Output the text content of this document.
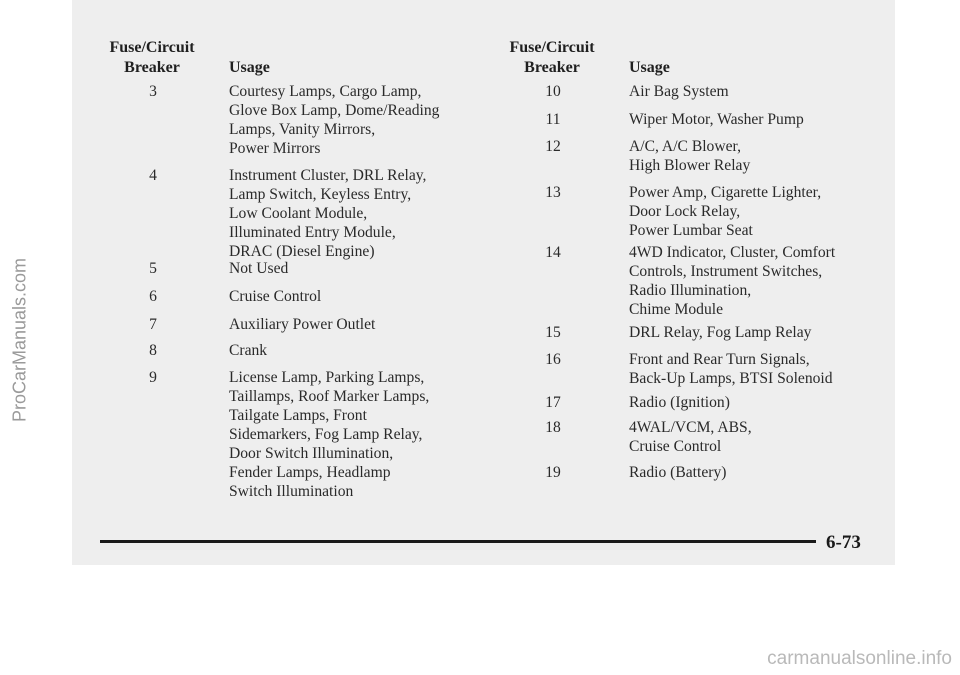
Fuse/Circuit
Breaker	Usage
3	Courtesy Lamps, Cargo Lamp,
Glove Box Lamp, Dome/Reading
Lamps, Vanity Mirrors,
Power Mirrors
4	Instrument Cluster, DRL Relay,
Lamp Switch, Keyless Entry,
Low Coolant Module,
Illuminated Entry Module,
DRAC (Diesel Engine)
5	Not Used
6	Cruise Control
7	Auxiliary Power Outlet
8	Crank
9	License Lamp, Parking Lamps,
Taillamps, Roof Marker Lamps,
Tailgate Lamps, Front
Sidemarkers, Fog Lamp Relay,
Door Switch Illumination,
Fender Lamps, Headlamp
Switch Illumination
Fuse/Circuit
Breaker	Usage
10	Air Bag System
11	Wiper Motor, Washer Pump
12	A/C, A/C Blower,
High Blower Relay
13	Power Amp, Cigarette Lighter,
Door Lock Relay,
Power Lumbar Seat
14	4WD Indicator, Cluster, Comfort
Controls, Instrument Switches,
Radio Illumination,
Chime Module
15	DRL Relay, Fog Lamp Relay
16	Front and Rear Turn Signals,
Back-Up Lamps, BTSI Solenoid
17	Radio (Ignition)
18	4WAL/VCM, ABS,
Cruise Control
19	Radio (Battery)
6-73
ProCarManuals.com
carmanualsonline.info
